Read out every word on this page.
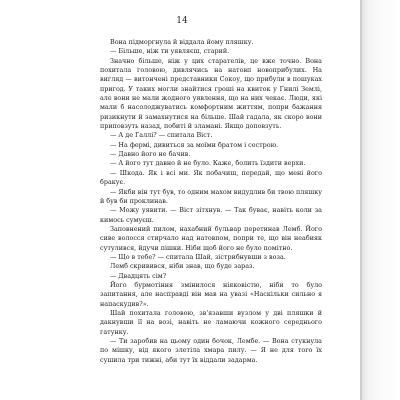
14

Вона підморгнула й віддала йому пляшку.

— Більше, ніж ти уявляєш, старий.

Значно більше, ніж у цих старателів, це вже точно. Вона похитала головою, дивлячись на натовп новоприбулих. На вигляд — витончені представники Сокоу, що прибули в пошуках пригод. У таких могли знайтися гроші на квиток у Гнилі Землі, але вони не мали жодного уявлення, що на них чекає. Люди, які мали б насолоджуватись комфортним життям, попри бажання ризикнути й замахнутися на більше. Шай гадала, як скоро вони приповзуть назад, побиті й зламані. Якщо доповзуть.

— А де Галлі? — спитала Віст.

— На фермі, дивиться за моїми братом і сестрою.

— Давно його не бачив.

— А його тут давно й не було. Каже, болить їздити верхи.

— Шкода. Як і всі ми. Як побачиш, передай, що мені його бракує.

— Якби він тут був, то одним махом видудлив би твою пляшку й був би проклинав.

— Можу уявити. — Віст зітхнув. — Так буває, навіть коли за кимось сумуєш.

Заповнений пилом, нахабний бульвар перетинав Лемб. Його сиве волосся стирчало над натовпом, попри те, що він неабияк сутулився, йдучи пішки. Ніби щоб його не було помітно.

— Що в тебе? — спитала Шай, зістрибнувши з воза.

Лемб скривився, ніби знав, що буде зараз.

— Двадцять сім?

Його бурмотіння змінилося ніяковістю, ніби то було запитання, але насправді він мав на увазі «Наскільки сильно я напаскудив?».

Шай похитала головою, зв'язавши вузлом у дві пляшки й дакнувши її на возі, навіть не ламаючи кожного середнього гатунку.

— Ти заробив на цьому один бочок, Лембе. — Вона стукнула по мішку, від якого злетіла хмара пилу. — Я не для того їх сушила три тижні, аби тут їх віддали задарма.
